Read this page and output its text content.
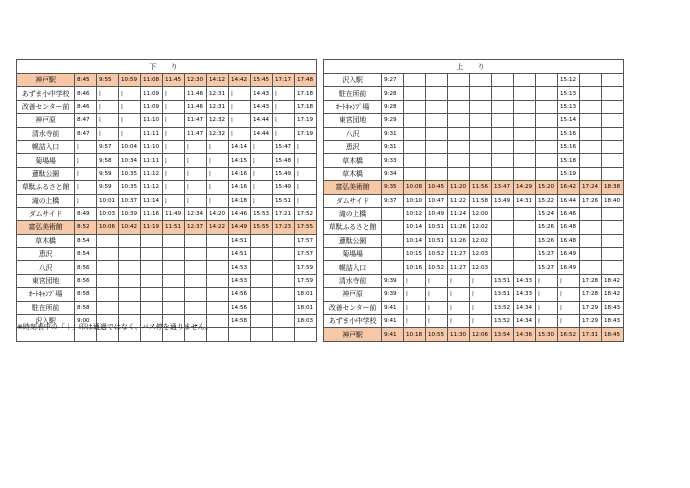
下 り													上 り											
神戸駅	8:45	9:55	10:59	11:08	11:45	12:30	14:12	14:42	15:45	17:17	17:48		沢入駅	9:27								15:12		
あずま小中学校	8:46	|	|	11:09	|	11:46	12:31	|	14:43	|	17:18		駐在所前	9:28								15:13		
改善センター前	8:46	|	|	11:09	|	11:46	12:31	|	14:43	|	17:18		ｵｰﾄｷｬﾝﾌﾟ場	9:28								15:13		
神戸原	8:47	|	|	11:10	|	11:47	12:32	|	14:44	|	17:19		東宮団地	9:29								15:14		
清水寺前	8:47	|	|	11:11	|	11:47	12:32	|	14:44	|	17:19		八沢	9:31								15:16		
幌詰入口	|	9:57	10:04	11:10	|	|	|	14:14	|	15:47	|		恵沢	9:31								15:16		
菊場場	|	9:58	10:34	11:11	|	|	|	14:15	|	15:48	|		草木橋	9:33								15:18		
蓮駄公園	|	9:59	10:35	11:12	|	|	|	14:16	|	15:49	|		草木橋	9:34								15:19		
草駄ふるさと館	|	9:59	10:35	11:12	|	|	|	14:16	|	15:49	|		富弘美術館	9:35	10:08	10:45	11:20	11:56	13:47	14:29	15:20	16:42	17:24	18:38
滝の上橋	|	10:01	10:37	11:14	|	|	|	14:18	|	15:51	|		ダムサイド	9:37	10:10	10:47	11:22	11:58	13:49	14:31	15:22	16:44	17:26	18:40
ダムサイド	8:49	10:03	10:39	11:16	11:49	12:34	14:20	14:46	15:53	17:21	17:52		滝の上橋		10:12	10:49	11:24	12:00			15:24	16:46		
富弘美術館	8:52	10:06	10:42	11:19	11:51	12:37	14:22	14:49	15:55	17:23	17:55		草駄ふるさと館		10:14	10:51	11:26	12:02			15:26	16:48		
草木橋	8:54							14:51			17:57		蓮駄公園		10:14	10:51	11:26	12:02			15:26	16:48		
恵沢	8:54							14:51			17:57		菊場場		10:15	10:52	11:27	12:03			15:27	16:49		
八沢	8:56							14:53			17:59		幌詰入口		10:16	10:52	11:27	12:03			15:27	16:49		
東宮団地	8:56							14:53			17:59		清水寺前	9:39	|	|	|	|	13:51	14:33	|	|	17:28	18:42
ｵｰﾄｷｬﾝﾌﾟ場	8:58							14:56			18:01		神戸原	9:39	|	|	|	|	13:51	14:33	|	|	17:28	18:42
駐在所前	8:58							14:56			18:01		改善センター前	9:41	|	|	|	|	13:52	14:34	|	|	17:29	18:43
沢入駅	9:00							14:58			18:03		あずま小中学校	9:41	|	|	|	|	13:52	14:34	|	|	17:29	18:43
													神戸駅	9:41	10:18	10:55	11:30	12:06	13:54	14:36	15:30	16:52	17:31	18:45
※時刻表中の「｜」印は通過ではなく、バス停を通りません。
